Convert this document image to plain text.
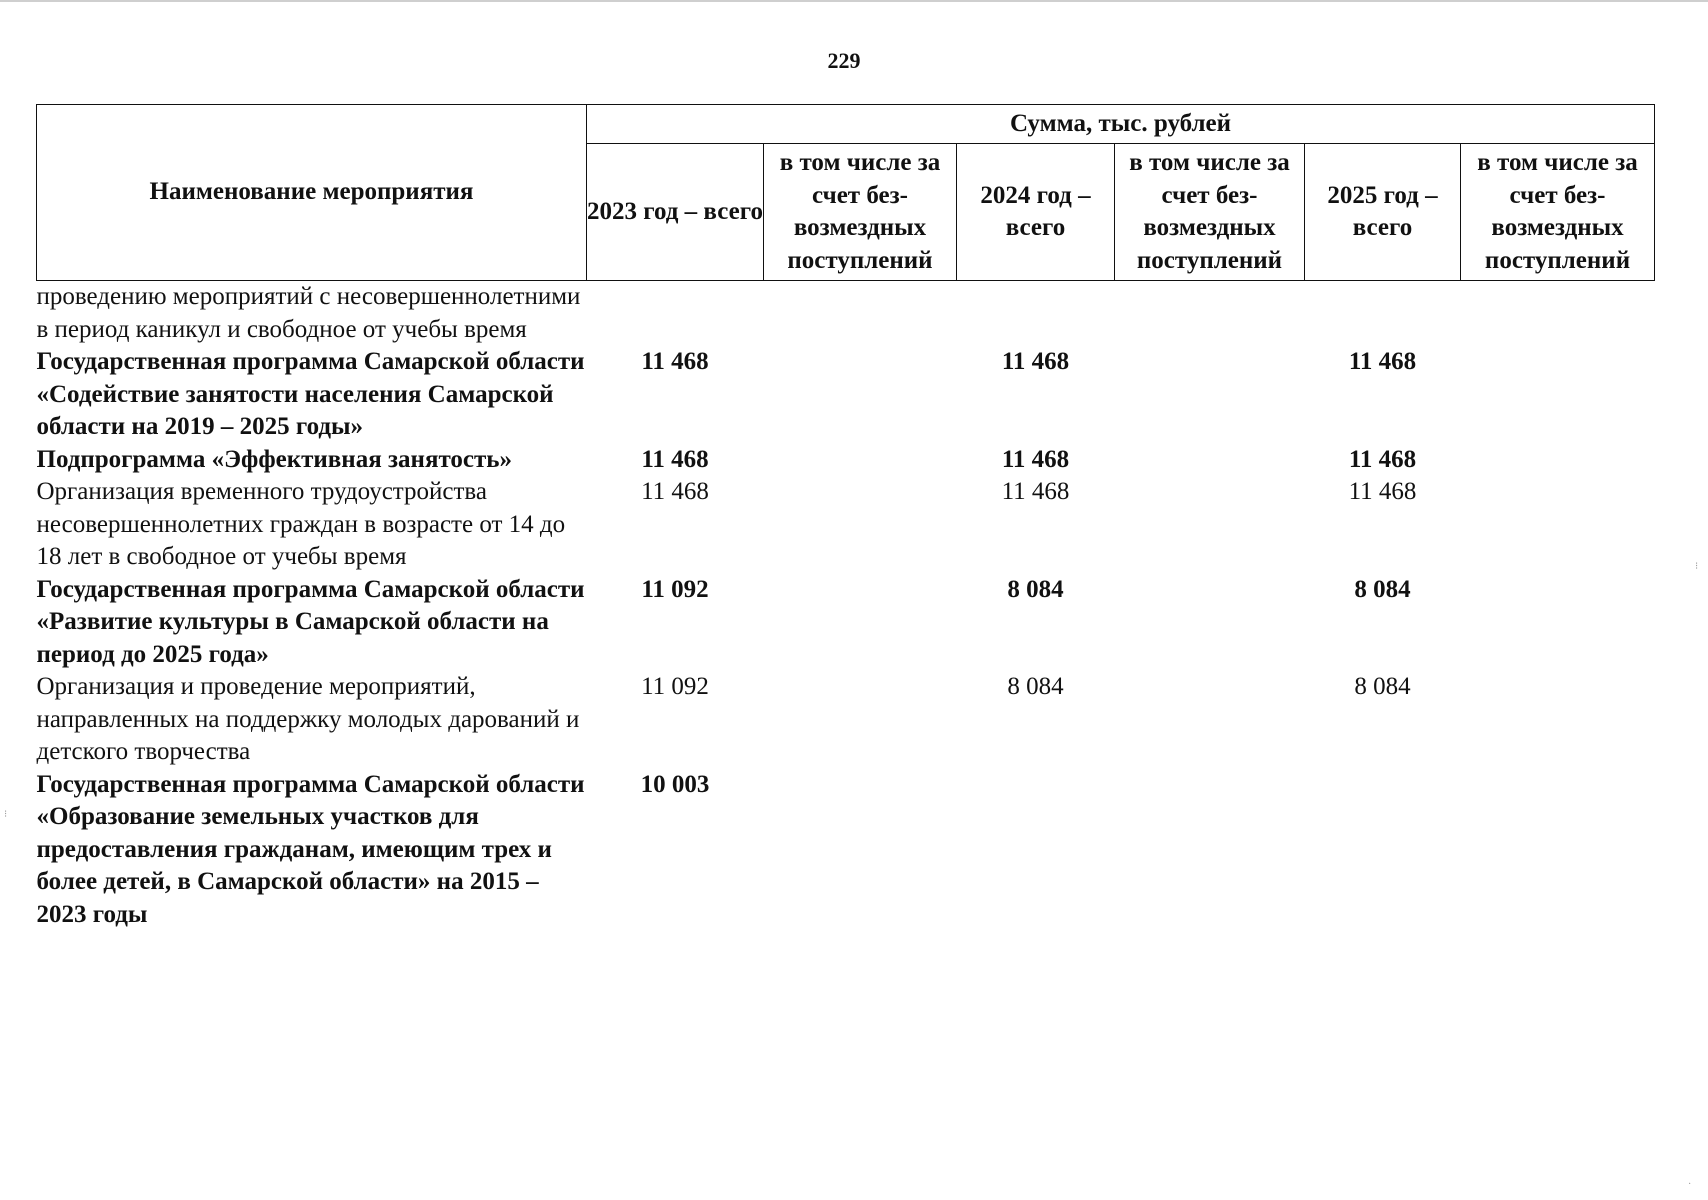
229
Наименование мероприятия	Сумма, тыс. рублей					
	2023 год – всего	в том числе за счет без-возмездных поступлений	2024 год – всего	в том числе за счет без-возмездных поступлений	2025 год – всего	в том числе за счет без-возмездных поступлений
проведению мероприятий с несовершеннолетними в период каникул и свободное от учебы время						
Государственная программа Самарской области «Содействие занятости населения Самарской области на 2019 – 2025 годы»	11 468		11 468		11 468	
Подпрограмма «Эффективная занятость»	11 468		11 468		11 468	
Организация временного трудоустройства несовершеннолетних граждан в возрасте от 14 до 18 лет в свободное от учебы время	11 468		11 468		11 468	
Государственная программа Самарской области «Развитие культуры в Самарской области на период до 2025 года»	11 092		8 084		8 084	
Организация и проведение мероприятий, направленных на поддержку молодых дарований и детского творчества	11 092		8 084		8 084	
Государственная программа Самарской области «Образование земельных участков для предоставления гражданам, имеющим трех и более детей, в Самарской области» на 2015 – 2023 годы	10 003					
⁝
⁝
·
